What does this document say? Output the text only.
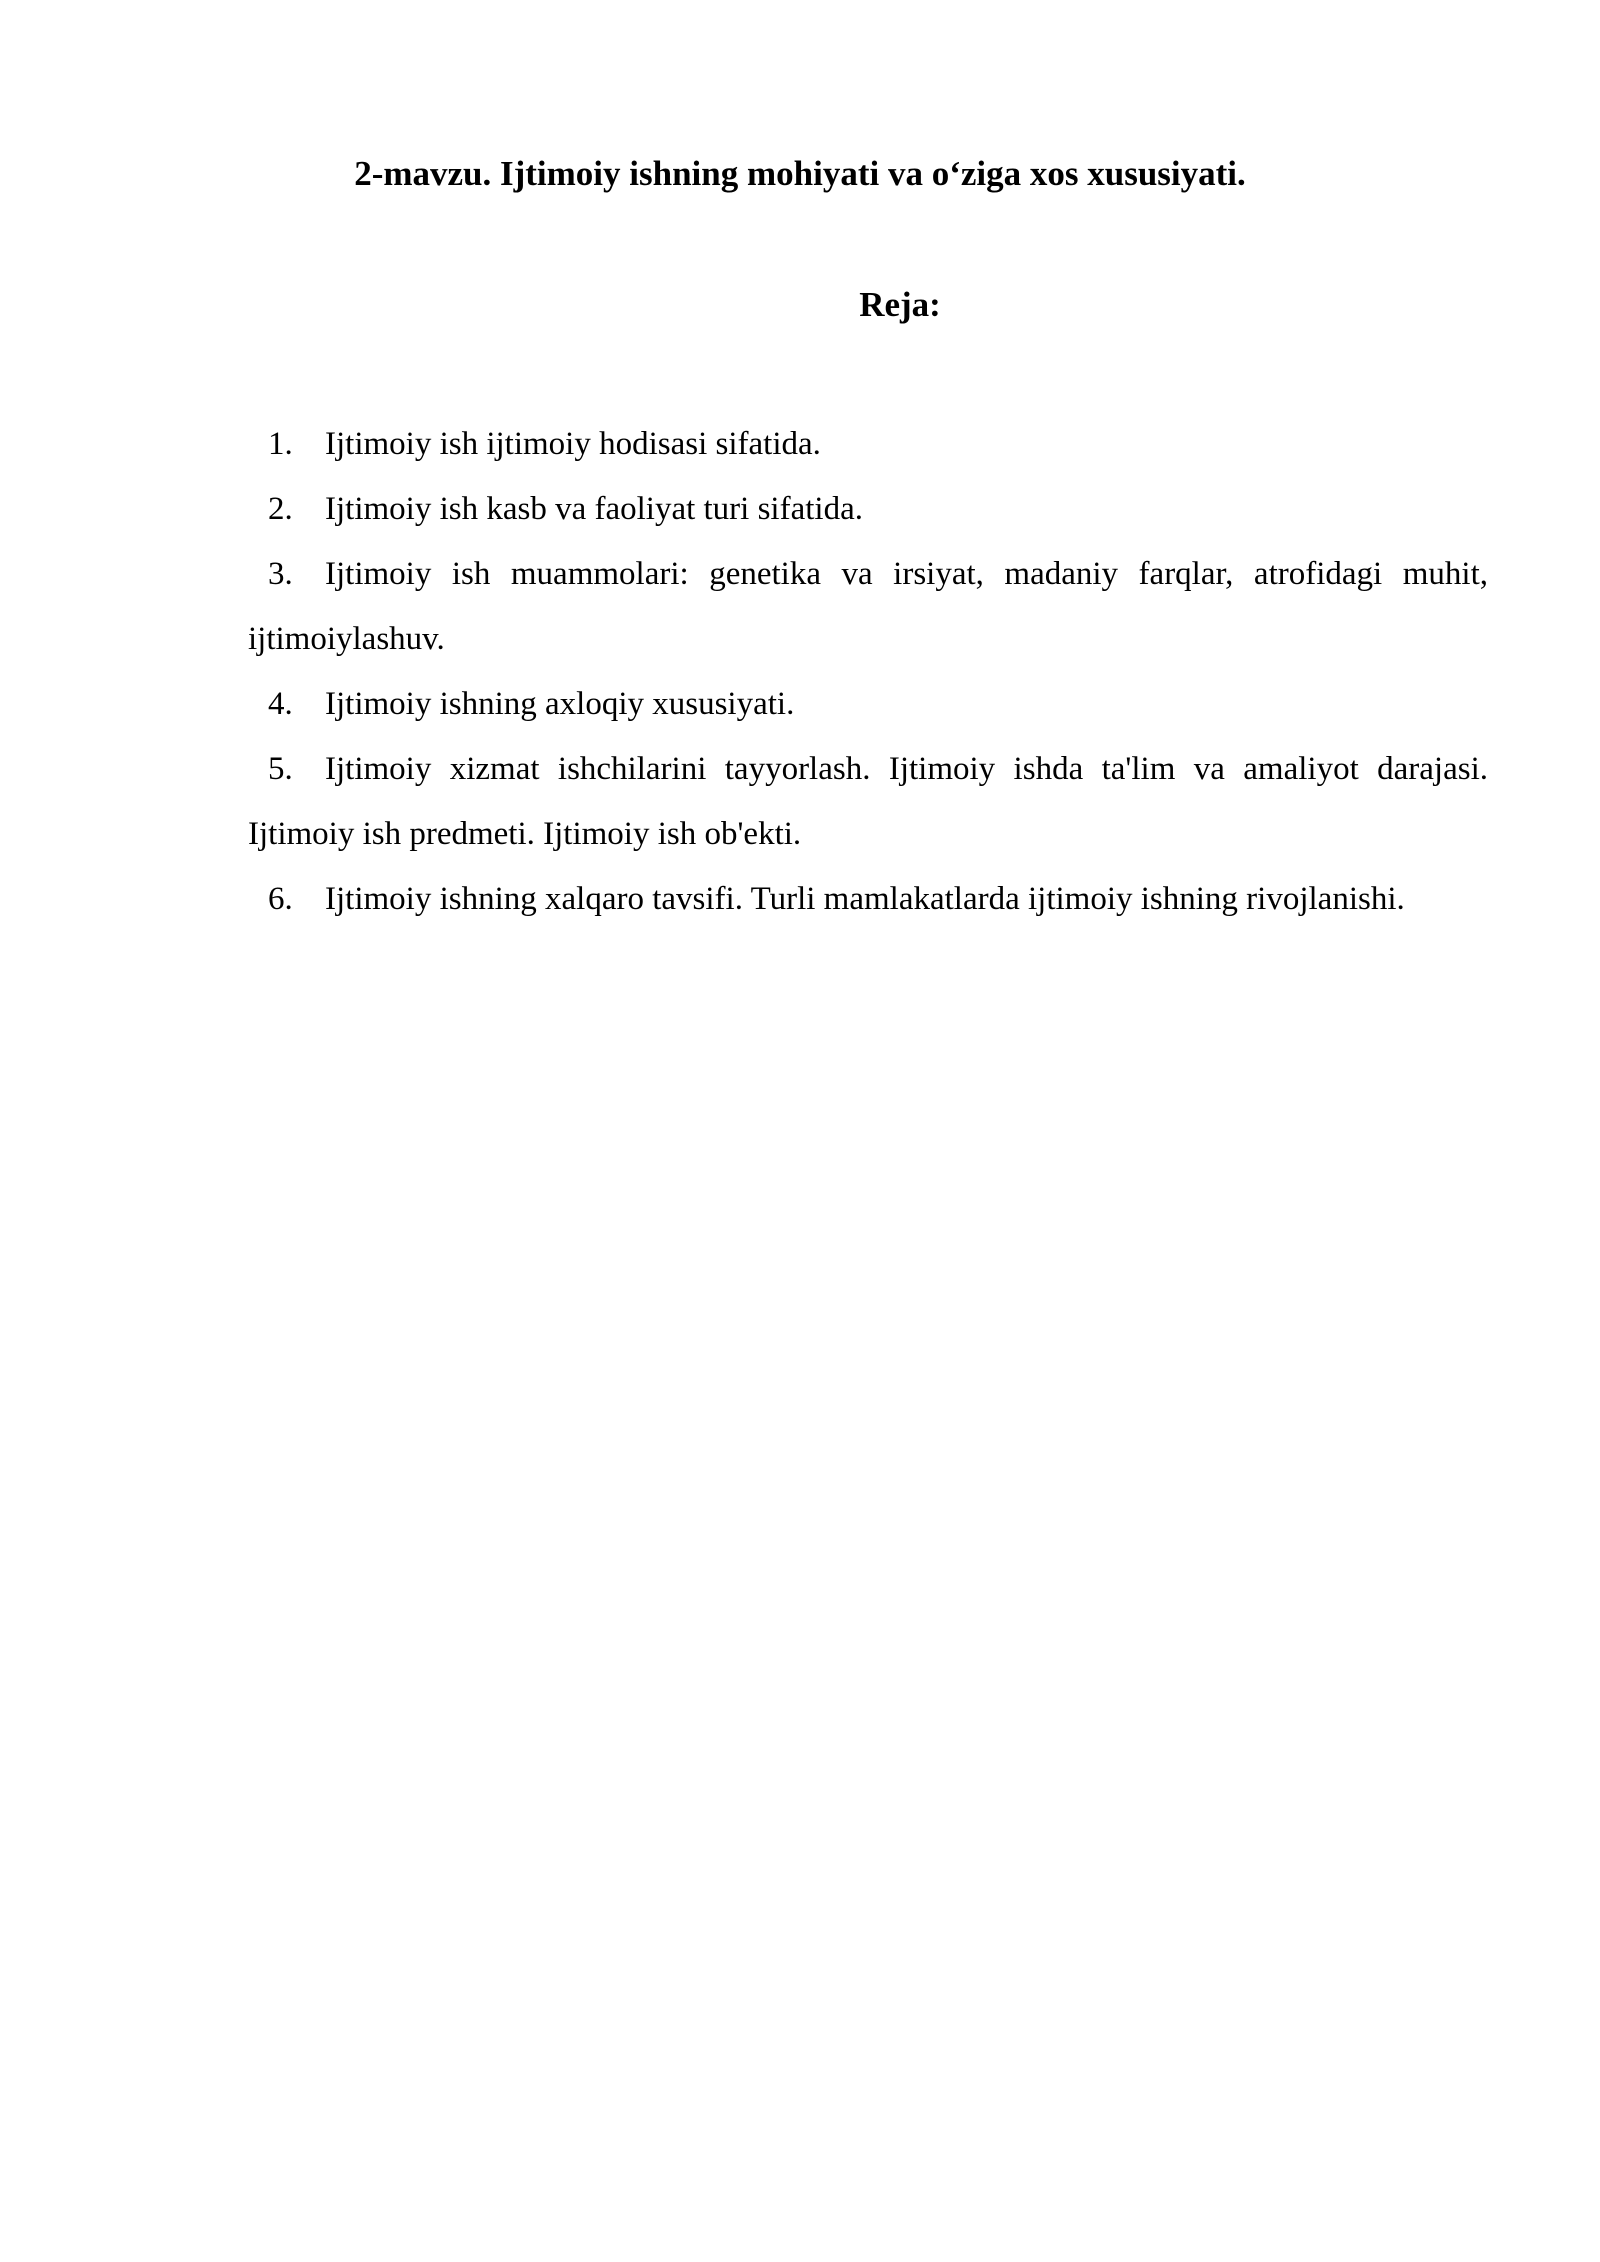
2-mavzu. Ijtimoiy ishning mohiyati va o‘ziga xos xususiyati.
Reja:
1. Ijtimoiy ish ijtimoiy hodisasi sifatida.
2. Ijtimoiy ish kasb va faoliyat turi sifatida.
3. Ijtimoiy ish muammolari: genetika va irsiyat, madaniy farqlar, atrofidagi muhit, ijtimoiylashuv.
4. Ijtimoiy ishning axloqiy xususiyati.
5. Ijtimoiy xizmat ishchilarini tayyorlash. Ijtimoiy ishda ta'lim va amaliyot darajasi. Ijtimoiy ish predmeti. Ijtimoiy ish ob'ekti.
6. Ijtimoiy ishning xalqaro tavsifi. Turli mamlakatlarda ijtimoiy ishning rivojlanishi.
